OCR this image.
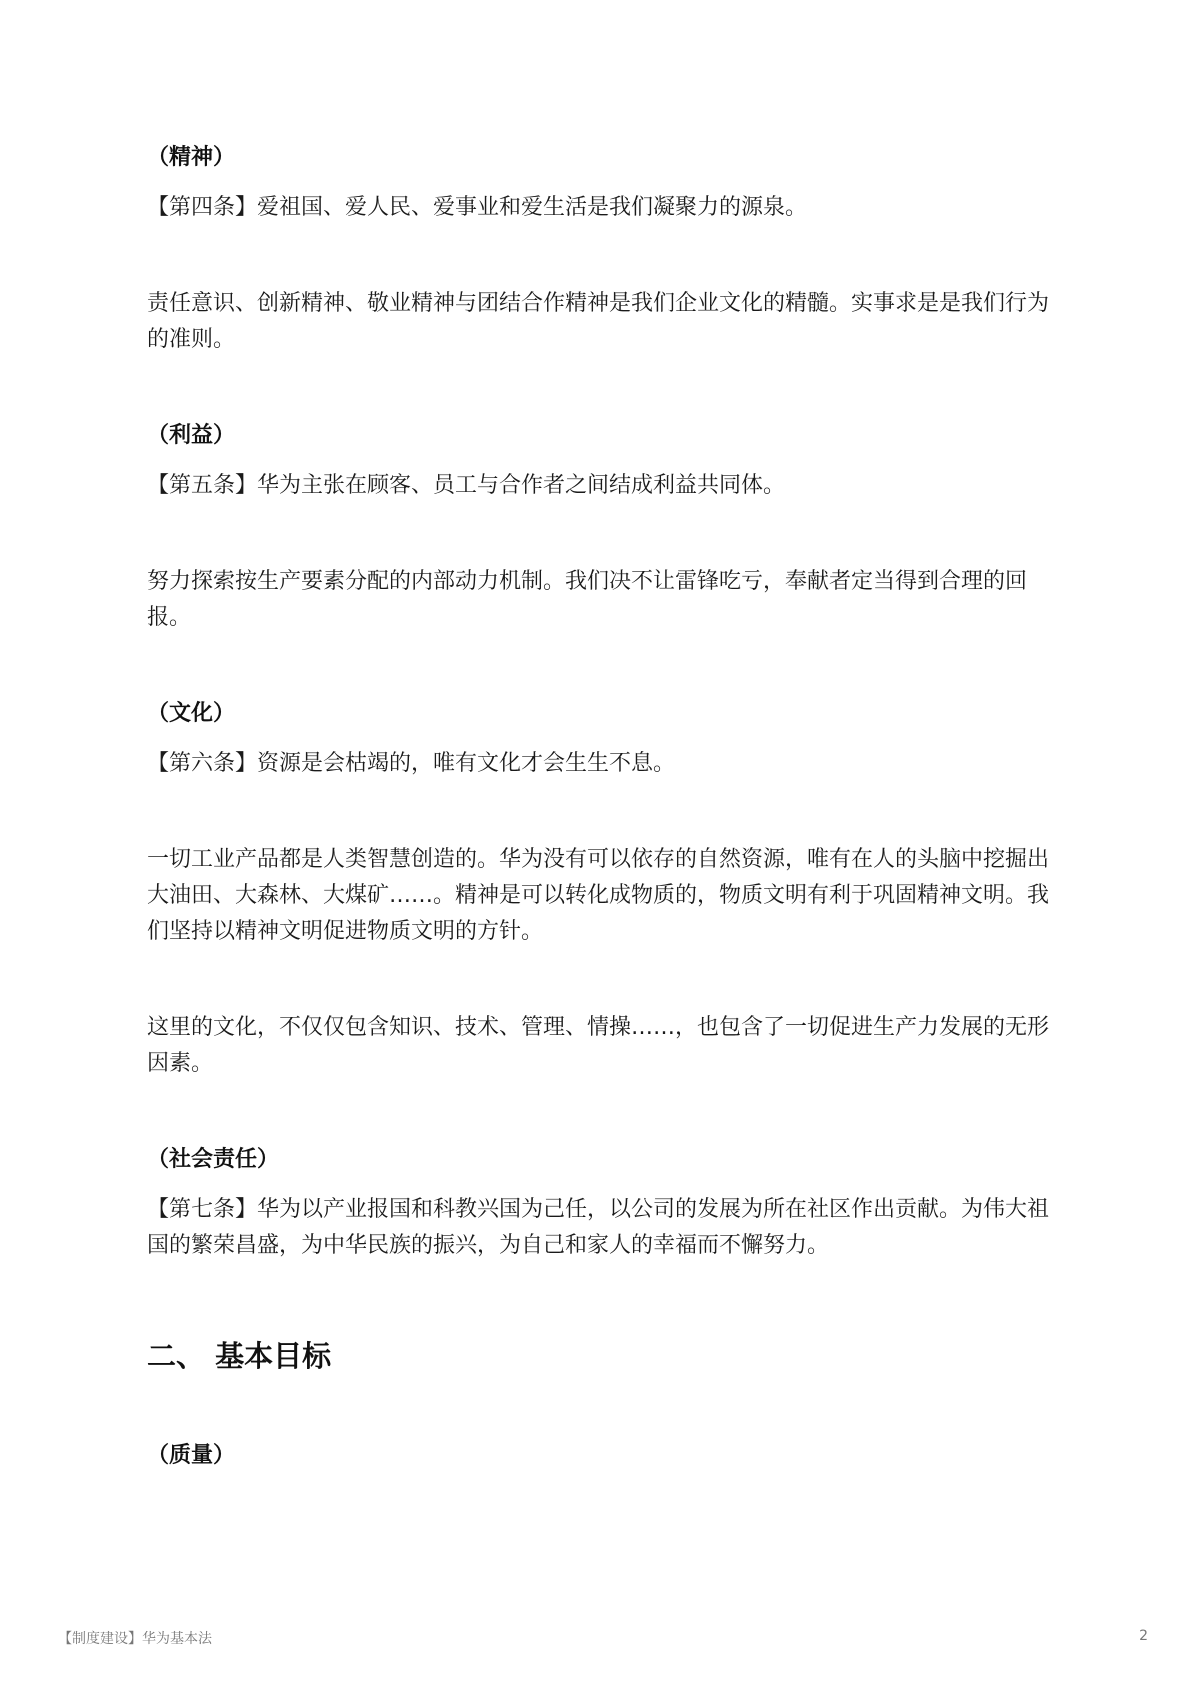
（精神）

【第四条】爱祖国、爱人民、爱事业和爱生活是我们凝聚力的源泉。

责任意识、创新精神、敬业精神与团结合作精神是我们企业文化的精髓。实事求是是我们行为的准则。

（利益）

【第五条】华为主张在顾客、员工与合作者之间结成利益共同体。

努力探索按生产要素分配的内部动力机制。我们决不让雷锋吃亏，奉献者定当得到合理的回报。

（文化）

【第六条】资源是会枯竭的，唯有文化才会生生不息。

一切工业产品都是人类智慧创造的。华为没有可以依存的自然资源，唯有在人的头脑中挖掘出大油田、大森林、大煤矿……。精神是可以转化成物质的，物质文明有利于巩固精神文明。我们坚持以精神文明促进物质文明的方针。

这里的文化，不仅仅包含知识、技术、管理、情操……，也包含了一切促进生产力发展的无形因素。

（社会责任）

【第七条】华为以产业报国和科教兴国为己任，以公司的发展为所在社区作出贡献。为伟大祖国的繁荣昌盛，为中华民族的振兴，为自己和家人的幸福而不懈努力。

二、 基本目标

（质量）

【制度建设】华为基本法	2
